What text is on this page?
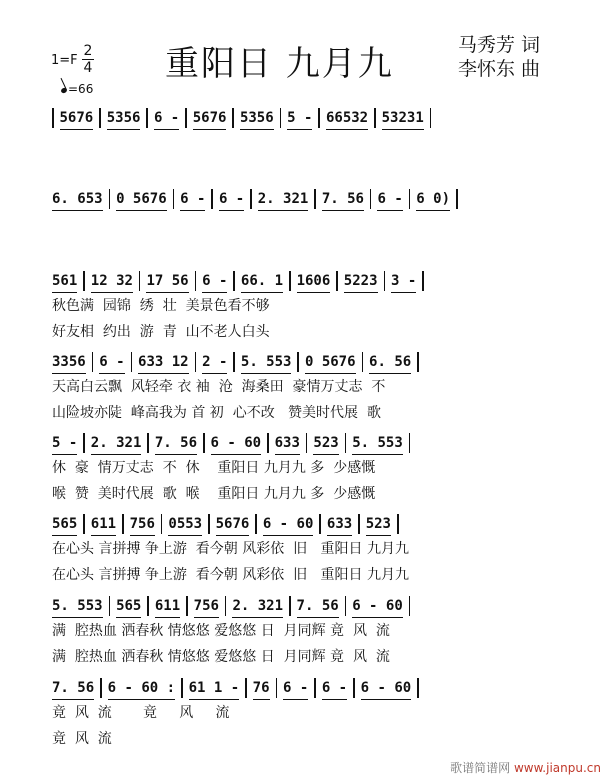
重阳日 九月九	马秀芳 词
李怀东 曲
1=F
2
4
=66
5676 5356 6 - 5676 5356 5 - 66532 53231
6. 653 0 5676 6 - 6 - 2. 321 7. 56 6 - 6 0)
561 12 32 17 56 6 - 66. 1 1606 5223 3 -
秋色满  园锦  绣  壮  美景色看不够
好友相  约出  游  青  山不老人白头
3356 6 - 633 12 2 - 5. 553 0 5676 6. 56
天高白云飘  风轻牵 衣 袖  沧  海桑田  豪情万丈志  不
山险坡亦陡  峰高我为 首 初  心不改   赞美时代展  歌
5 - 2. 321 7. 56 6 - 60 633 523 5. 553
休  豪  情万丈志  不  休    重阳日 九月九 多  少感慨
喉  赞  美时代展  歌  喉    重阳日 九月九 多  少感慨
565 611 756 0553 5676 6 - 60 633 523
在心头 言拼搏 争上游  看今朝 风彩依  旧   重阳日 九月九
在心头 言拼搏 争上游  看今朝 风彩依  旧   重阳日 九月九
5. 553 565 611 756 2. 321 7. 56 6 - 60
满  腔热血 洒春秋 情悠悠 爱悠悠 日  月同辉 竟  风  流
满  腔热血 洒春秋 情悠悠 爱悠悠 日  月同辉 竟  风  流
7. 56 6 - 60 : 61 1 - 76 6 - 6 - 6 - 60
竟  风  流       竟     风     流
竟  风  流
歌谱简谱网 www.jianpu.cn
